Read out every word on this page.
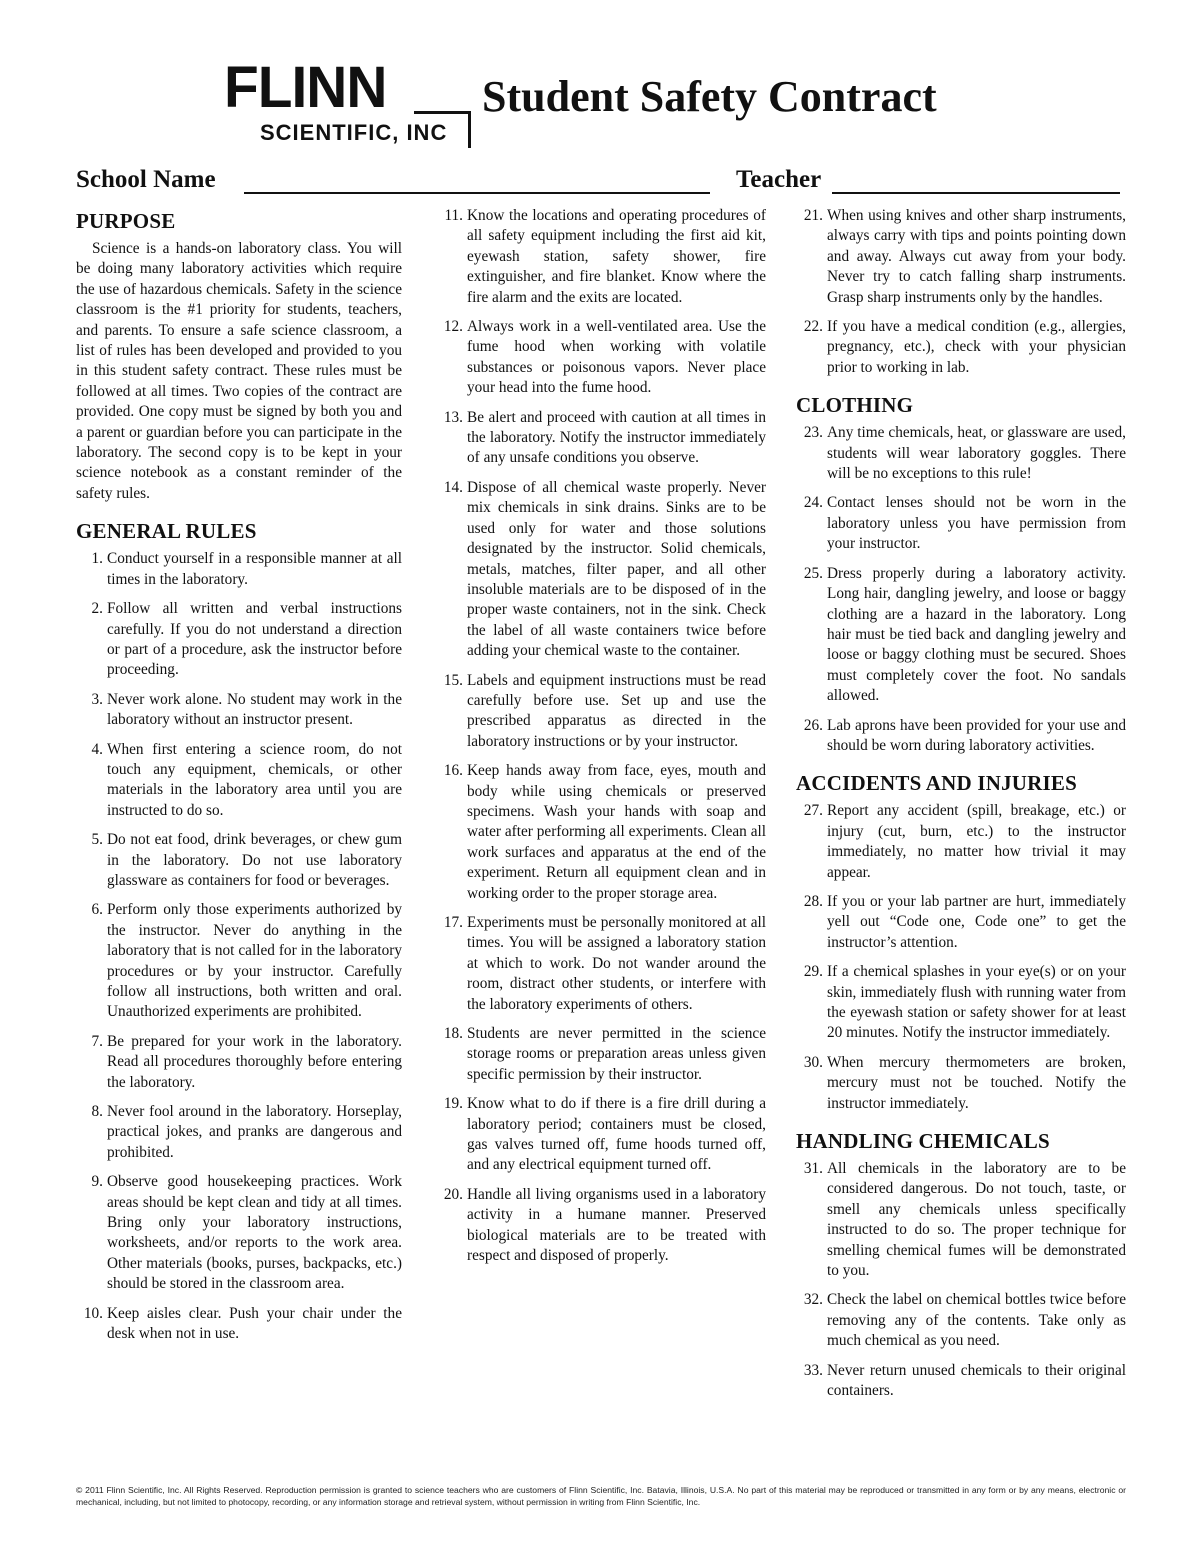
FLINN
SCIENTIFIC, INC
Student Safety Contract
School Name	Teacher
PURPOSE

Science is a hands-on laboratory class. You will be doing many laboratory activities which require the use of hazardous chemicals. Safety in the science classroom is the #1 priority for students, teachers, and parents. To ensure a safe science classroom, a list of rules has been developed and provided to you in this student safety contract. These rules must be followed at all times. Two copies of the contract are provided. One copy must be signed by both you and a parent or guardian before you can participate in the laboratory. The second copy is to be kept in your science notebook as a constant reminder of the safety rules.

GENERAL RULES
1. Conduct yourself in a responsible manner at all times in the laboratory.
2. Follow all written and verbal instructions carefully. If you do not understand a direction or part of a procedure, ask the instructor before proceeding.
3. Never work alone. No student may work in the laboratory without an instructor present.
4. When first entering a science room, do not touch any equipment, chemicals, or other materials in the laboratory area until you are instructed to do so.
5. Do not eat food, drink beverages, or chew gum in the laboratory. Do not use laboratory glassware as containers for food or beverages.
6. Perform only those experiments authorized by the instructor. Never do anything in the laboratory that is not called for in the laboratory procedures or by your instructor. Carefully follow all instructions, both written and oral. Unauthorized experiments are prohibited.
7. Be prepared for your work in the laboratory. Read all procedures thoroughly before entering the laboratory.
8. Never fool around in the laboratory. Horseplay, practical jokes, and pranks are dangerous and prohibited.
9. Observe good housekeeping practices. Work areas should be kept clean and tidy at all times. Bring only your laboratory instructions, worksheets, and/or reports to the work area. Other materials (books, purses, backpacks, etc.) should be stored in the classroom area.
10. Keep aisles clear. Push your chair under the desk when not in use.
11. Know the locations and operating procedures of all safety equipment including the first aid kit, eyewash station, safety shower, fire extinguisher, and fire blanket. Know where the fire alarm and the exits are located.
12. Always work in a well-ventilated area. Use the fume hood when working with volatile substances or poisonous vapors. Never place your head into the fume hood.
13. Be alert and proceed with caution at all times in the laboratory. Notify the instructor immediately of any unsafe conditions you observe.
14. Dispose of all chemical waste properly. Never mix chemicals in sink drains. Sinks are to be used only for water and those solutions designated by the instructor. Solid chemicals, metals, matches, filter paper, and all other insoluble materials are to be disposed of in the proper waste containers, not in the sink. Check the label of all waste containers twice before adding your chemical waste to the container.
15. Labels and equipment instructions must be read carefully before use. Set up and use the prescribed apparatus as directed in the laboratory instructions or by your instructor.
16. Keep hands away from face, eyes, mouth and body while using chemicals or preserved specimens. Wash your hands with soap and water after performing all experiments. Clean all work surfaces and apparatus at the end of the experiment. Return all equipment clean and in working order to the proper storage area.
17. Experiments must be personally monitored at all times. You will be assigned a laboratory station at which to work. Do not wander around the room, distract other students, or interfere with the laboratory experiments of others.
18. Students are never permitted in the science storage rooms or preparation areas unless given specific permission by their instructor.
19. Know what to do if there is a fire drill during a laboratory period; containers must be closed, gas valves turned off, fume hoods turned off, and any electrical equipment turned off.
20. Handle all living organisms used in a laboratory activity in a humane manner. Preserved biological materials are to be treated with respect and disposed of properly.
21. When using knives and other sharp instruments, always carry with tips and points pointing down and away. Always cut away from your body. Never try to catch falling sharp instruments. Grasp sharp instruments only by the handles.
22. If you have a medical condition (e.g., allergies, pregnancy, etc.), check with your physician prior to working in lab.
CLOTHING
23. Any time chemicals, heat, or glassware are used, students will wear laboratory goggles. There will be no exceptions to this rule!
24. Contact lenses should not be worn in the laboratory unless you have permission from your instructor.
25. Dress properly during a laboratory activity. Long hair, dangling jewelry, and loose or baggy clothing are a hazard in the laboratory. Long hair must be tied back and dangling jewelry and loose or baggy clothing must be secured. Shoes must completely cover the foot. No sandals allowed.
26. Lab aprons have been provided for your use and should be worn during laboratory activities.
ACCIDENTS AND INJURIES
27. Report any accident (spill, breakage, etc.) or injury (cut, burn, etc.) to the instructor immediately, no matter how trivial it may appear.
28. If you or your lab partner are hurt, immediately yell out “Code one, Code one” to get the instructor’s attention.
29. If a chemical splashes in your eye(s) or on your skin, immediately flush with running water from the eyewash station or safety shower for at least 20 minutes. Notify the instructor immediately.
30. When mercury thermometers are broken, mercury must not be touched. Notify the instructor immediately.
HANDLING CHEMICALS
31. All chemicals in the laboratory are to be considered dangerous. Do not touch, taste, or smell any chemicals unless specifically instructed to do so. The proper technique for smelling chemical fumes will be demonstrated to you.
32. Check the label on chemical bottles twice before removing any of the contents. Take only as much chemical as you need.
33. Never return unused chemicals to their original containers.
© 2011 Flinn Scientific, Inc. All Rights Reserved. Reproduction permission is granted to science teachers who are customers of Flinn Scientific, Inc. Batavia, Illinois, U.S.A. No part of this material may be reproduced or transmitted in any form or by any means, electronic or mechanical, including, but not limited to photocopy, recording, or any information storage and retrieval system, without permission in writing from Flinn Scientific, Inc.
